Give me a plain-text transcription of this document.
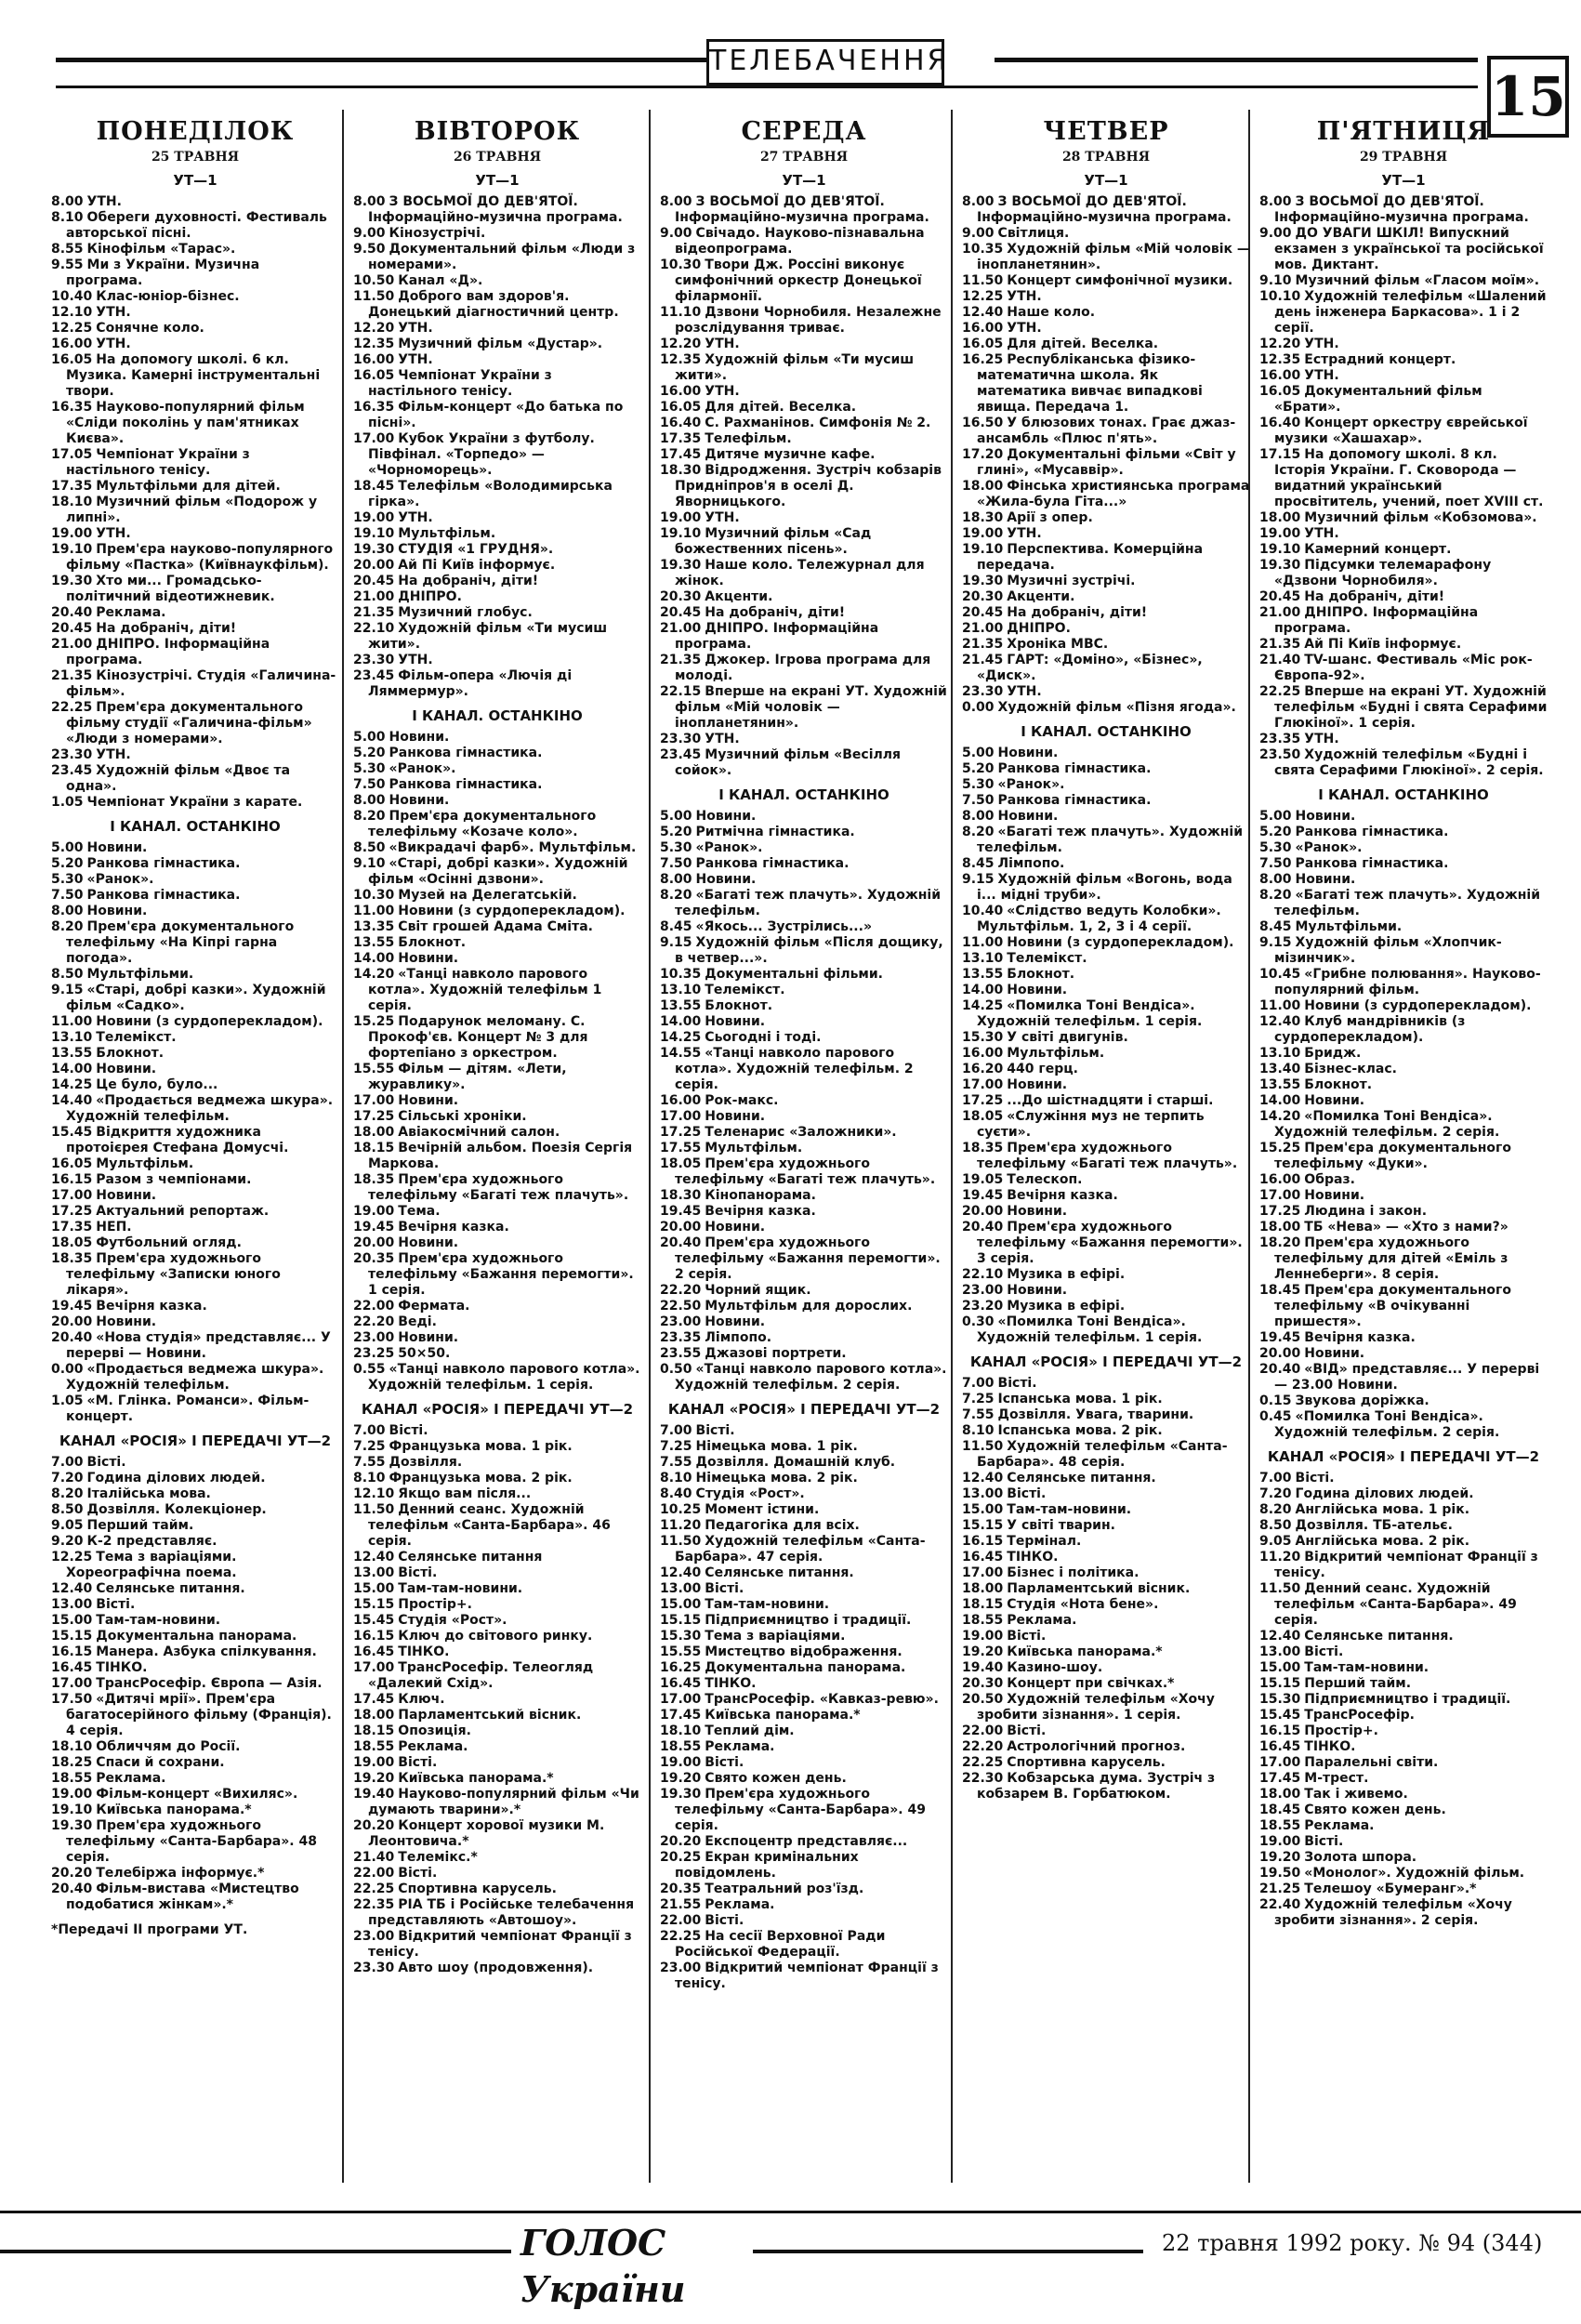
ТЕЛЕБАЧЕННЯ
15
ПОНЕДІЛОК
25 ТРАВНЯ
УТ—1

8.00 УТН.

8.10 Обереги духовності. Фестиваль авторської пісні.

8.55 Кінофільм «Тарас».

9.55 Ми з України. Музична програма.

10.40 Клас-юніор-бізнес.

12.10 УТН.

12.25 Сонячне коло.

16.00 УТН.

16.05 На допомогу школі. 6 кл. Музика. Камерні інструментальні твори.

16.35 Науково-популярний фільм «Сліди поколінь у пам'ятниках Києва».

17.05 Чемпіонат України з настільного тенісу.

17.35 Мультфільми для дітей.

18.10 Музичний фільм «Подорож у липні».

19.00 УТН.

19.10 Прем'єра науково-популярного фільму «Пастка» (Київнаукфільм).

19.30 Хто ми... Громадсько-політичний відеотижневик.

20.40 Реклама.

20.45 На добраніч, діти!

21.00 ДНІПРО. Інформаційна програма.

21.35 Кінозустрічі. Студія «Галичина-фільм».

22.25 Прем'єра документального фільму студії «Галичина-фільм» «Люди з номерами».

23.30 УТН.

23.45 Художній фільм «Двоє та одна».

1.05 Чемпіонат України з карате.

І КАНАЛ. ОСТАНКІНО

5.00 Новини.

5.20 Ранкова гімнастика.

5.30 «Ранок».

7.50 Ранкова гімнастика.

8.00 Новини.

8.20 Прем'єра документального телефільму «На Кіпрі гарна погода».

8.50 Мультфільми.

9.15 «Старі, добрі казки». Художній фільм «Садко».

11.00 Новини (з сурдоперекладом).

13.10 Телемікст.

13.55 Блокнот.

14.00 Новини.

14.25 Це було, було...

14.40 «Продається ведмежа шкура». Художній телефільм.

15.45 Відкриття художника протоієрея Стефана Домусчі.

16.05 Мультфільм.

16.15 Разом з чемпіонами.

17.00 Новини.

17.25 Актуальний репортаж.

17.35 НЕП.

18.05 Футбольний огляд.

18.35 Прем'єра художнього телефільму «Записки юного лікаря».

19.45 Вечірня казка.

20.00 Новини.

20.40 «Нова студія» представляє... У перерві — Новини.

0.00 «Продається ведмежа шкура». Художній телефільм.

1.05 «М. Глінка. Романси». Фільм-концерт.

КАНАЛ «РОСІЯ» І ПЕРЕДАЧІ УТ—2

7.00 Вісті.

7.20 Година ділових людей.

8.20 Італійська мова.

8.50 Дозвілля. Колекціонер.

9.05 Перший тайм.

9.20 К-2 представляє.

12.25 Тема з варіаціями. Хореографічна поема.

12.40 Селянське питання.

13.00 Вісті.

15.00 Там-там-новини.

15.15 Документальна панорама.

16.15 Манера. Азбука спілкування.

16.45 ТІНКО.

17.00 ТрансРосефір. Європа — Азія.

17.50 «Дитячі мрії». Прем'єра багатосерійного фільму (Франція). 4 серія.

18.10 Обличчям до Росії.

18.25 Спаси й сохрани.

18.55 Реклама.

19.00 Фільм-концерт «Вихиляс».

19.10 Київська панорама.*

19.30 Прем'єра художнього телефільму «Санта-Барбара». 48 серія.

20.20 Телебіржа інформує.*

20.40 Фільм-вистава «Мистецтво подобатися жінкам».*

*Передачі ІІ програми УТ.
ВІВТОРОК
26 ТРАВНЯ
УТ—1

8.00 З ВОСЬМОЇ ДО ДЕВ'ЯТОЇ. Інформаційно-музична програма.

9.00 Кінозустрічі.

9.50 Документальний фільм «Люди з номерами».

10.50 Канал «Д».

11.50 Доброго вам здоров'я. Донецький діагностичний центр.

12.20 УТН.

12.35 Музичний фільм «Дустар».

16.00 УТН.

16.05 Чемпіонат України з настільного тенісу.

16.35 Фільм-концерт «До батька по пісні».

17.00 Кубок України з футболу. Півфінал. «Торпедо» — «Чорноморець».

18.45 Телефільм «Володимирська гірка».

19.00 УТН.

19.10 Мультфільм.

19.30 СТУДІЯ «1 ГРУДНЯ».

20.00 Ай Пі Київ інформує.

20.45 На добраніч, діти!

21.00 ДНІПРО.

21.35 Музичний глобус.

22.10 Художній фільм «Ти мусиш жити».

23.30 УТН.

23.45 Фільм-опера «Лючія ді Ляммермур».

І КАНАЛ. ОСТАНКІНО

5.00 Новини.

5.20 Ранкова гімнастика.

5.30 «Ранок».

7.50 Ранкова гімнастика.

8.00 Новини.

8.20 Прем'єра документального телефільму «Козаче коло».

8.50 «Викрадачі фарб». Мультфільм.

9.10 «Старі, добрі казки». Художній фільм «Осінні дзвони».

10.30 Музей на Делегатській.

11.00 Новини (з сурдоперекладом).

13.35 Світ грошей Адама Сміта.

13.55 Блокнот.

14.00 Новини.

14.20 «Танці навколо парового котла». Художній телефільм 1 серія.

15.25 Подарунок меломану. С. Прокоф'єв. Концерт № 3 для фортепіано з оркестром.

15.55 Фільм — дітям. «Лети, журавлику».

17.00 Новини.

17.25 Сільські хроніки.

18.00 Авіакосмічний салон.

18.15 Вечірній альбом. Поезія Сергія Маркова.

18.35 Прем'єра художнього телефільму «Багаті теж плачуть».

19.00 Тема.

19.45 Вечірня казка.

20.00 Новини.

20.35 Прем'єра художнього телефільму «Бажання перемогти». 1 серія.

22.00 Фермата.

22.20 Веді.

23.00 Новини.

23.25 50×50.

0.55 «Танці навколо парового котла». Художній телефільм. 1 серія.

КАНАЛ «РОСІЯ» І ПЕРЕДАЧІ УТ—2

7.00 Вісті.

7.25 Французька мова. 1 рік.

7.55 Дозвілля.

8.10 Французька мова. 2 рік.

12.10 Якщо вам після...

11.50 Денний сеанс. Художній телефільм «Санта-Барбара». 46 серія.

12.40 Селянське питання

13.00 Вісті.

15.00 Там-там-новини.

15.15 Простір+.

15.45 Студія «Рост».

16.15 Ключ до світового ринку.

16.45 ТІНКО.

17.00 ТрансРосефір. Телеогляд «Далекий Схід».

17.45 Ключ.

18.00 Парламентський вісник.

18.15 Опозиція.

18.55 Реклама.

19.00 Вісті.

19.20 Київська панорама.*

19.40 Науково-популярний фільм «Чи думають тварини».*

20.20 Концерт хорової музики М. Леонтовича.*

21.40 Телемікс.*

22.00 Вісті.

22.25 Спортивна карусель.

22.35 РІА ТБ і Російське телебачення представляють «Автошоу».

23.00 Відкритий чемпіонат Франції з тенісу.

23.30 Авто шоу (продовження).

СЕРЕДА
27 ТРАВНЯ
УТ—1

8.00 З ВОСЬМОЇ ДО ДЕВ'ЯТОЇ. Інформаційно-музична програма.

9.00 Свічадо. Науково-пізнавальна відеопрограма.

10.30 Твори Дж. Россіні виконує симфонічний оркестр Донецької філармонії.

11.10 Дзвони Чорнобиля. Незалежне розслідування триває.

12.20 УТН.

12.35 Художній фільм «Ти мусиш жити».

16.00 УТН.

16.05 Для дітей. Веселка.

16.40 С. Рахманінов. Симфонія № 2.

17.35 Телефільм.

17.45 Дитяче музичне кафе.

18.30 Відродження. Зустріч кобзарів Придніпров'я в оселі Д. Яворницького.

19.00 УТН.

19.10 Музичний фільм «Сад божественних пісень».

19.30 Наше коло. Тележурнал для жінок.

20.30 Акценти.

20.45 На добраніч, діти!

21.00 ДНІПРО. Інформаційна програма.

21.35 Джокер. Ігрова програма для молоді.

22.15 Вперше на екрані УТ. Художній фільм «Мій чоловік — інопланетянин».

23.30 УТН.

23.45 Музичний фільм «Весілля сойок».

І КАНАЛ. ОСТАНКІНО

5.00 Новини.

5.20 Ритмічна гімнастика.

5.30 «Ранок».

7.50 Ранкова гімнастика.

8.00 Новини.

8.20 «Багаті теж плачуть». Художній телефільм.

8.45 «Якось... Зустрілись...»

9.15 Художній фільм «Після дощику, в четвер...».

10.35 Документальні фільми.

13.10 Телемікст.

13.55 Блокнот.

14.00 Новини.

14.25 Сьогодні і тоді.

14.55 «Танці навколо парового котла». Художній телефільм. 2 серія.

16.00 Рок-макс.

17.00 Новини.

17.25 Теленарис «Заложники».

17.55 Мультфільм.

18.05 Прем'єра художнього телефільму «Багаті теж плачуть».

18.30 Кінопанорама.

19.45 Вечірня казка.

20.00 Новини.

20.40 Прем'єра художнього телефільму «Бажання перемогти». 2 серія.

22.20 Чорний ящик.

22.50 Мультфільм для дорослих.

23.00 Новини.

23.35 Лімпопо.

23.55 Джазові портрети.

0.50 «Танці навколо парового котла». Художній телефільм. 2 серія.

КАНАЛ «РОСІЯ» І ПЕРЕДАЧІ УТ—2

7.00 Вісті.

7.25 Німецька мова. 1 рік.

7.55 Дозвілля. Домашній клуб.

8.10 Німецька мова. 2 рік.

8.40 Студія «Рост».

10.25 Момент істини.

11.20 Педагогіка для всіх.

11.50 Художній телефільм «Санта-Барбара». 47 серія.

12.40 Селянське питання.

13.00 Вісті.

15.00 Там-там-новини.

15.15 Підприємництво і традиції.

15.30 Тема з варіаціями.

15.55 Мистецтво відображення.

16.25 Документальна панорама.

16.45 ТІНКО.

17.00 ТрансРосефір. «Кавказ-ревю».

17.45 Київська панорама.*

18.10 Теплий дім.

18.55 Реклама.

19.00 Вісті.

19.20 Свято кожен день.

19.30 Прем'єра художнього телефільму «Санта-Барбара». 49 серія.

20.20 Експоцентр представляє...

20.25 Екран кримінальних повідомлень.

20.35 Театральний роз'їзд.

21.55 Реклама.

22.00 Вісті.

22.25 На сесії Верховної Ради Російської Федерації.

23.00 Відкритий чемпіонат Франції з тенісу.

ЧЕТВЕР
28 ТРАВНЯ
УТ—1

8.00 З ВОСЬМОЇ ДО ДЕВ'ЯТОЇ. Інформаційно-музична програма.

9.00 Світлиця.

10.35 Художній фільм «Мій чоловік — інопланетянин».

11.50 Концерт симфонічної музики.

12.25 УТН.

12.40 Наше коло.

16.00 УТН.

16.05 Для дітей. Веселка.

16.25 Республіканська фізико-математична школа. Як математика вивчає випадкові явища. Передача 1.

16.50 У блюзових тонах. Грає джаз-ансамбль «Плюс п'ять».

17.20 Документальні фільми «Світ у глині», «Мусаввір».

18.00 Фінська християнська програма «Жила-була Гіта...»

18.30 Арії з опер.

19.00 УТН.

19.10 Перспектива. Комерційна передача.

19.30 Музичні зустрічі.

20.30 Акценти.

20.45 На добраніч, діти!

21.00 ДНІПРО.

21.35 Хроніка МВС.

21.45 ГАРТ: «Доміно», «Бізнес», «Диск».

23.30 УТН.

0.00 Художній фільм «Пізня ягода».

І КАНАЛ. ОСТАНКІНО

5.00 Новини.

5.20 Ранкова гімнастика.

5.30 «Ранок».

7.50 Ранкова гімнастика.

8.00 Новини.

8.20 «Багаті теж плачуть». Художній телефільм.

8.45 Лімпопо.

9.15 Художній фільм «Вогонь, вода і... мідні труби».

10.40 «Слідство ведуть Колобки». Мультфільм. 1, 2, 3 і 4 серії.

11.00 Новини (з сурдоперекладом).

13.10 Телемікст.

13.55 Блокнот.

14.00 Новини.

14.25 «Помилка Тоні Вендіса». Художній телефільм. 1 серія.

15.30 У світі двигунів.

16.00 Мультфільм.

16.20 440 герц.

17.00 Новини.

17.25 ...До шістнадцяти і старші.

18.05 «Служіння муз не терпить суєти».

18.35 Прем'єра художнього телефільму «Багаті теж плачуть».

19.05 Телескоп.

19.45 Вечірня казка.

20.00 Новини.

20.40 Прем'єра художнього телефільму «Бажання перемогти». 3 серія.

22.10 Музика в ефірі.

23.00 Новини.

23.20 Музика в ефірі.

0.30 «Помилка Тоні Вендіса». Художній телефільм. 1 серія.

КАНАЛ «РОСІЯ» І ПЕРЕДАЧІ УТ—2

7.00 Вісті.

7.25 Іспанська мова. 1 рік.

7.55 Дозвілля. Увага, тварини.

8.10 Іспанська мова. 2 рік.

11.50 Художній телефільм «Санта-Барбара». 48 серія.

12.40 Селянське питання.

13.00 Вісті.

15.00 Там-там-новини.

15.15 У світі тварин.

16.15 Термінал.

16.45 ТІНКО.

17.00 Бізнес і політика.

18.00 Парламентський вісник.

18.15 Студія «Нота бене».

18.55 Реклама.

19.00 Вісті.

19.20 Київська панорама.*

19.40 Казино-шоу.

20.30 Концерт при свічках.*

20.50 Художній телефільм «Хочу зробити зізнання». 1 серія.

22.00 Вісті.

22.20 Астрологічний прогноз.

22.25 Спортивна карусель.

22.30 Кобзарська дума. Зустріч з кобзарем В. Горбатюком.

П'ЯТНИЦЯ
29 ТРАВНЯ
УТ—1

8.00 З ВОСЬМОЇ ДО ДЕВ'ЯТОЇ. Інформаційно-музична програма.

9.00 ДО УВАГИ ШКІЛ! Випускний екзамен з української та російської мов. Диктант.

9.10 Музичний фільм «Гласом моїм».

10.10 Художній телефільм «Шалений день інженера Баркасова». 1 і 2 серії.

12.20 УТН.

12.35 Естрадний концерт.

16.00 УТН.

16.05 Документальний фільм «Брати».

16.40 Концерт оркестру єврейської музики «Хашахар».

17.15 На допомогу школі. 8 кл. Історія України. Г. Сковорода — видатний український просвітитель, учений, поет XVIII ст.

18.00 Музичний фільм «Кобзомова».

19.00 УТН.

19.10 Камерний концерт.

19.30 Підсумки телемарафону «Дзвони Чорнобиля».

20.45 На добраніч, діти!

21.00 ДНІПРО. Інформаційна програма.

21.35 Ай Пі Київ інформує.

21.40 TV-шанс. Фестиваль «Міс рок-Європа-92».

22.25 Вперше на екрані УТ. Художній телефільм «Будні і свята Серафими Глюкіної». 1 серія.

23.35 УТН.

23.50 Художній телефільм «Будні і свята Серафими Глюкіної». 2 серія.

І КАНАЛ. ОСТАНКІНО

5.00 Новини.

5.20 Ранкова гімнастика.

5.30 «Ранок».

7.50 Ранкова гімнастика.

8.00 Новини.

8.20 «Багаті теж плачуть». Художній телефільм.

8.45 Мультфільми.

9.15 Художній фільм «Хлопчик-мізинчик».

10.45 «Грибне полювання». Науково-популярний фільм.

11.00 Новини (з сурдоперекладом).

12.40 Клуб мандрівників (з сурдоперекладом).

13.10 Бридж.

13.40 Бізнес-клас.

13.55 Блокнот.

14.00 Новини.

14.20 «Помилка Тоні Вендіса». Художній телефільм. 2 серія.

15.25 Прем'єра документального телефільму «Дуки».

16.00 Образ.

17.00 Новини.

17.25 Людина і закон.

18.00 ТБ «Нева» — «Хто з нами?»

18.20 Прем'єра художнього телефільму для дітей «Еміль з Леннеберги». 8 серія.

18.45 Прем'єра документального телефільму «В очікуванні пришестя».

19.45 Вечірня казка.

20.00 Новини.

20.40 «ВІД» представляє... У перерві — 23.00 Новини.

0.15 Звукова доріжка.

0.45 «Помилка Тоні Вендіса». Художній телефільм. 2 серія.

КАНАЛ «РОСІЯ» І ПЕРЕДАЧІ УТ—2

7.00 Вісті.

7.20 Година ділових людей.

8.20 Англійська мова. 1 рік.

8.50 Дозвілля. ТБ-ательє.

9.05 Англійська мова. 2 рік.

11.20 Відкритий чемпіонат Франції з тенісу.

11.50 Денний сеанс. Художній телефільм «Санта-Барбара». 49 серія.

12.40 Селянське питання.

13.00 Вісті.

15.00 Там-там-новини.

15.15 Перший тайм.

15.30 Підприємництво і традиції.

15.45 ТрансРосефір.

16.15 Простір+.

16.45 ТІНКО.

17.00 Паралельні світи.

17.45 М-трест.

18.00 Так і живемо.

18.45 Свято кожен день.

18.55 Реклама.

19.00 Вісті.

19.20 Золота шпора.

19.50 «Монолог». Художній фільм.

21.25 Телешоу «Бумеранг».*

22.40 Художній телефільм «Хочу зробити зізнання». 2 серія.

ГОЛОС України
22 травня 1992 року. № 94 (344)
